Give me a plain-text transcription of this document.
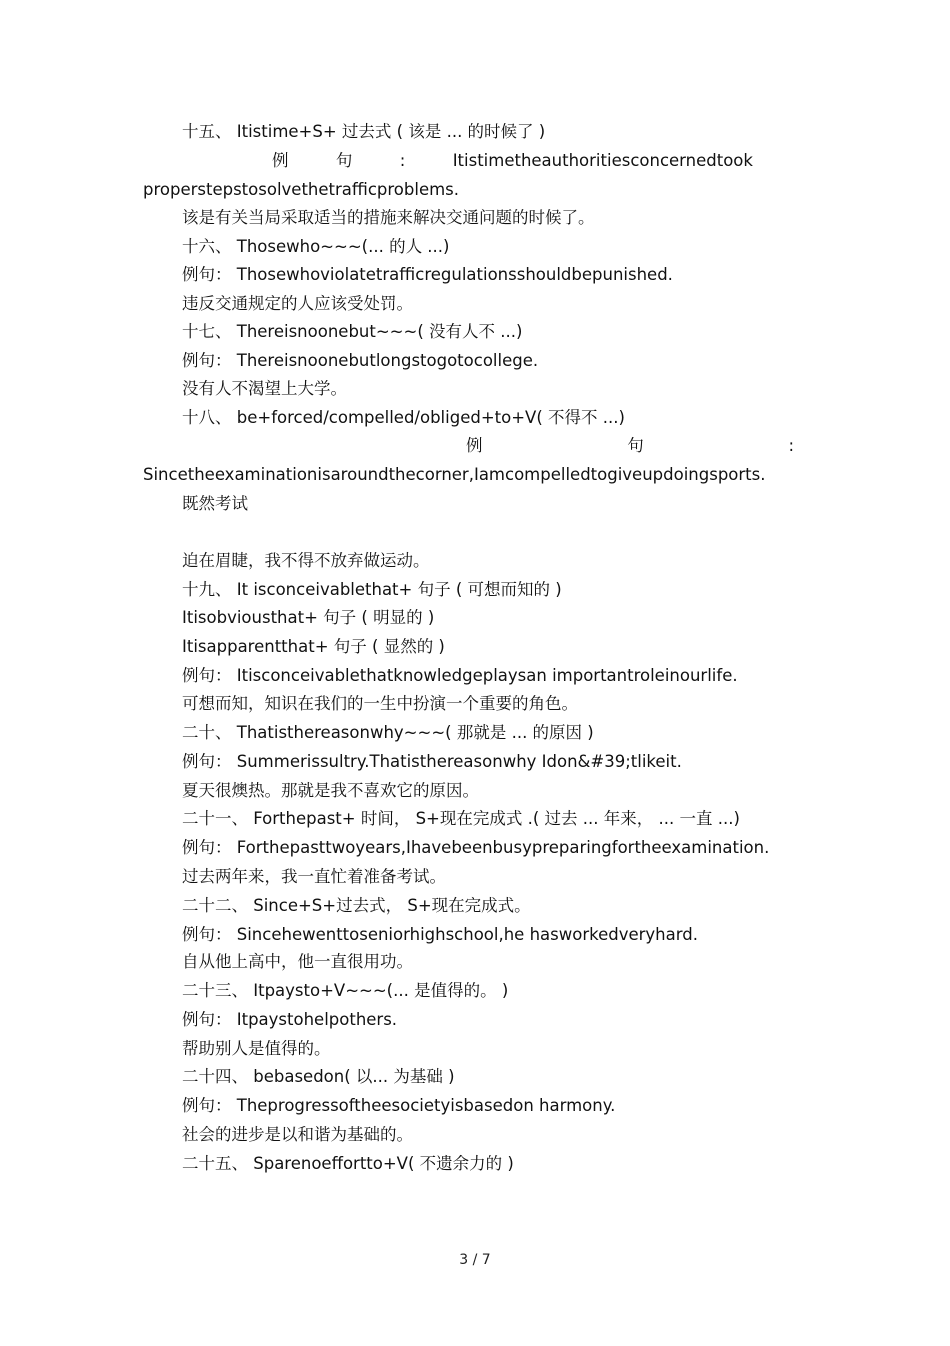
十五、 Itistime+S+ 过去式 ( 该是 ... 的时候了 )
例	句	:	Itistimetheauthoritiesconcernedtook
properstepstosolvethetrafficproblems.
该是有关当局采取适当的措施来解决交通问题的时候了。
十六、 Thosewho~~~(... 的人 ...)
例句： Thosewhoviolatetrafficregulationsshouldbepunished.
违反交通规定的人应该受处罚。
十七、 Thereisnoonebut~~~( 没有人不 ...)
例句： Thereisnoonebutlongstogotocollege.
没有人不渴望上大学。
十八、 be+forced/compelled/obliged+to+V( 不得不 ...)
例	句	:
Sincetheexaminationisaroundthecorner,Iamcompelledtogiveupdoingsports.
既然考试
迫在眉睫，我不得不放弃做运动。
十九、 It isconceivablethat+ 句子 ( 可想而知的 )
Itisobviousthat+ 句子 ( 明显的 )
Itisapparentthat+ 句子 ( 显然的 )
例句： Itisconceivablethatknowledgeplaysan importantroleinourlife.
可想而知，知识在我们的一生中扮演一个重要的角色。
二十、 Thatisthereasonwhy~~~( 那就是 ... 的原因 )
例句： Summerissultry.Thatisthereasonwhy Idon&#39;tlikeit.
夏天很燠热。那就是我不喜欢它的原因。
二十一、 Forthepast+ 时间， S+现在完成式 .( 过去 ... 年来， ... 一直 ...)
例句： Forthepasttwoyears,Ihavebeenbusypreparingfortheexamination.
过去两年来，我一直忙着准备考试。
二十二、 Since+S+过去式， S+现在完成式。
例句： Sincehewenttoseniorhighschool,he hasworkedveryhard.
自从他上高中，他一直很用功。
二十三、 Itpaysto+V~~~(... 是值得的。 )
例句： Itpaystohelpothers.
帮助别人是值得的。
二十四、 bebasedon( 以... 为基础 )
例句： Theprogressoftheesocietyisbasedon harmony.
社会的进步是以和谐为基础的。
二十五、 Sparenoeffortto+V( 不遗余力的 )
3 / 7
